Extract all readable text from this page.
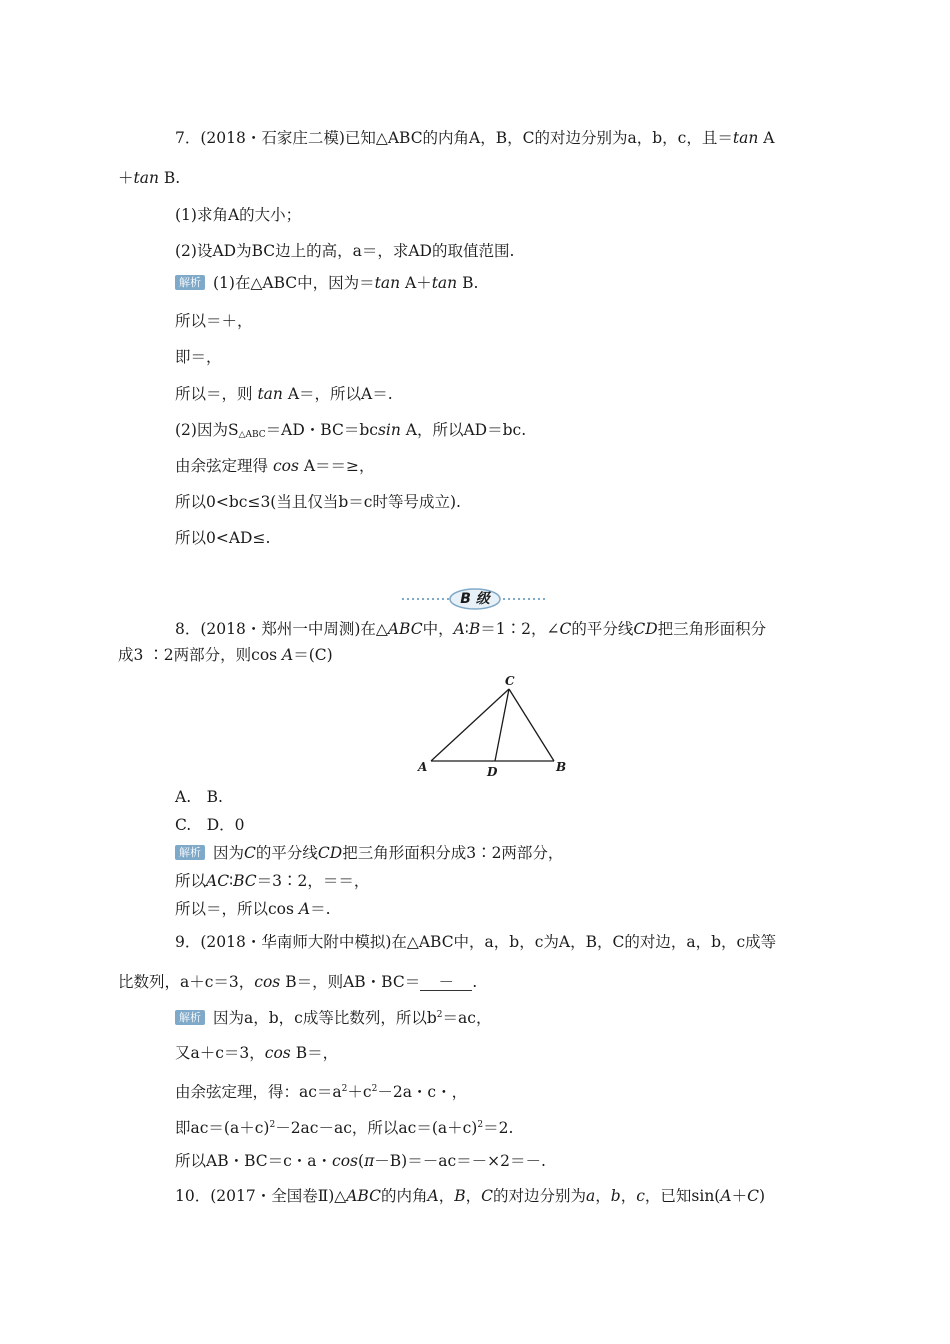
7．(2018・石家庄二模)已知△ABC的内角A，B，C的对边分别为a，b，c，且＝tan A
＋tan B.
(1)求角A的大小；
(2)设AD为BC边上的高，a＝，求AD的取值范围.
解析 (1)在△ABC中，因为＝tan A＋tan B.
所以＝＋，
即＝，
所以＝，则 tan A＝，所以A＝.
(2)因为$S_{\triangle ABC}=AD$・BC＝bcsin A，所以AD＝bc.
由余弦定理得 cos A＝＝≥，
所以0<bc≤3(当且仅当b＝c时等号成立).
所以0<AD≤.
B 级
8．(2018・郑州一中周测)在△ABC中，A∶B＝1∶2，∠C的平分线CD把三角形面积分
成3 ∶2两部分，则cos A＝(C)
C
A	D	B
A.　B.
C.　D．0
解析 因为C的平分线CD把三角形面积分成3∶2两部分，
所以AC∶BC＝3∶2，＝＝，
所以＝，所以cos A＝.
9．(2018・华南师大附中模拟)在△ABC中，a，b，c为A，B，C的对边，a，b，c成等
比数列，a＋c＝3，cos B＝，则AB・BC＝ － .
解析 因为a，b，c成等比数列，所以$b^2=ac$，
又a＋c＝3，cos B＝，
由余弦定理，得：$ac=a^2+c^2-2a$・c・，
即$ac=(a+c)^2-2ac-ac$，所以$ac=(a+c)^2=2$.
所以AB・BC＝c・a・cos(π－B)＝－ac＝－×2＝－.
10．(2017・全国卷Ⅱ)△ABC的内角A，B，C的对边分别为a，b，c，已知sin(A＋C)
